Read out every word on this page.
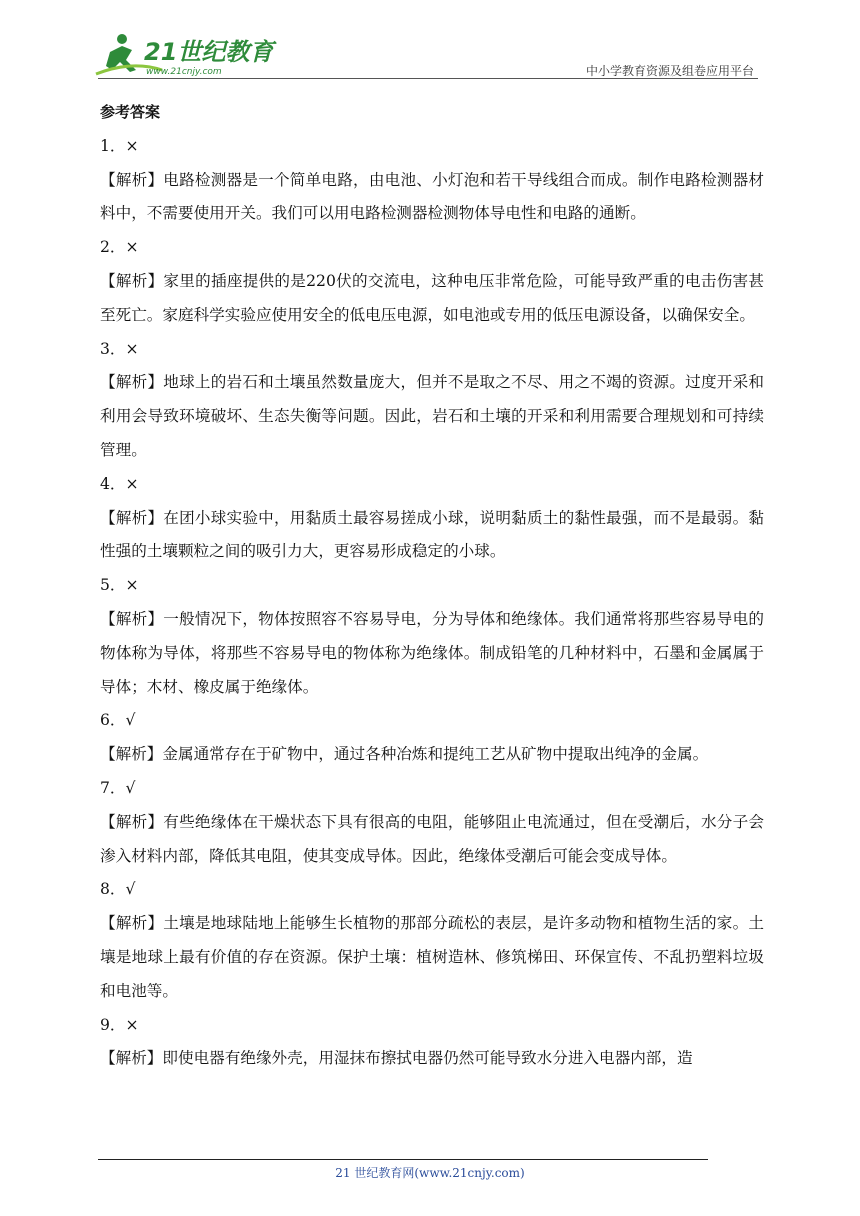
21世纪教育
www.21cnjy.com	中小学教育资源及组卷应用平台
参考答案

1．×

【解析】电路检测器是一个简单电路，由电池、小灯泡和若干导线组合而成。制作电路检测器材料中，不需要使用开关。我们可以用电路检测器检测物体导电性和电路的通断。

2．×

【解析】家里的插座提供的是220伏的交流电，这种电压非常危险，可能导致严重的电击伤害甚至死亡。家庭科学实验应使用安全的低电压电源，如电池或专用的低压电源设备，以确保安全。

3．×

【解析】地球上的岩石和土壤虽然数量庞大，但并不是取之不尽、用之不竭的资源。过度开采和利用会导致环境破坏、生态失衡等问题。因此，岩石和土壤的开采和利用需要合理规划和可持续管理。

4．×

【解析】在团小球实验中，用黏质土最容易搓成小球，说明黏质土的黏性最强，而不是最弱。黏性强的土壤颗粒之间的吸引力大，更容易形成稳定的小球。

5．×

【解析】一般情况下，物体按照容不容易导电，分为导体和绝缘体。我们通常将那些容易导电的物体称为导体，将那些不容易导电的物体称为绝缘体。制成铅笔的几种材料中，石墨和金属属于导体；木材、橡皮属于绝缘体。

6．√

【解析】金属通常存在于矿物中，通过各种冶炼和提纯工艺从矿物中提取出纯净的金属。

7．√

【解析】有些绝缘体在干燥状态下具有很高的电阻，能够阻止电流通过，但在受潮后，水分子会渗入材料内部，降低其电阻，使其变成导体。因此，绝缘体受潮后可能会变成导体。

8．√

【解析】土壤是地球陆地上能够生长植物的那部分疏松的表层，是许多动物和植物生活的家。土壤是地球上最有价值的存在资源。保护土壤：植树造林、修筑梯田、环保宣传、不乱扔塑料垃圾和电池等。

9．×

【解析】即使电器有绝缘外壳，用湿抹布擦拭电器仍然可能导致水分进入电器内部，造

21 世纪教育网(www.21cnjy.com)
